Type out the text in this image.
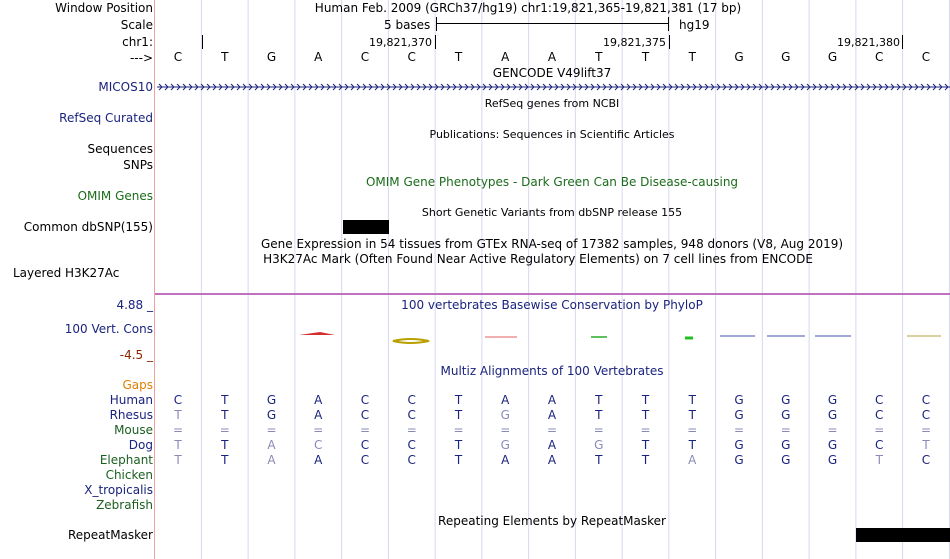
Window Position
Scale
chr1:
--->
Human Feb. 2009 (GRCh37/hg19) chr1:19,821,365-19,821,381 (17 bp)
5 bases	hg19
19,821,370	19,821,375	19,821,380
GENCODE V49lift37
MICOS10
RefSeq genes from NCBI
RefSeq Curated
Publications: Sequences in Scientific Articles
Sequences
SNPs
OMIM Gene Phenotypes - Dark Green Can Be Disease-causing
OMIM Genes
Short Genetic Variants from dbSNP release 155
Common dbSNP(155)
Gene Expression in 54 tissues from GTEx RNA-seq of 17382 samples, 948 donors (V8, Aug 2019)
H3K27Ac Mark (Often Found Near Active Regulatory Elements) on 7 cell lines from ENCODE
Layered H3K27Ac
100 vertebrates Basewise Conservation by PhyloP
4.88 _
100 Vert. Cons
-4.5 _
Multiz Alignments of 100 Vertebrates
Gaps
Repeating Elements by RepeatMasker
RepeatMasker
C	T	G	A	C	C	T	A	A	T	T	T	G	G	G	C	C
Human C	T	G	A	C	C	T	A	A	T	T	T	G	G	G	C	C
Rhesus T	T	G	A	C	C	T	G	A	T	T	T	G	G	G	C	C
Mouse =	=	=	=	=	=	=	=	=	=	=	=	=	=	=	=	=
Dog T	T	A	C	C	C	T	G	A	G	T	T	G	G	G	C	T
Elephant T	T	A	A	C	C	T	A	A	T	T	A	G	G	G	T	C
Chicken
X_tropicalis
Zebrafish
